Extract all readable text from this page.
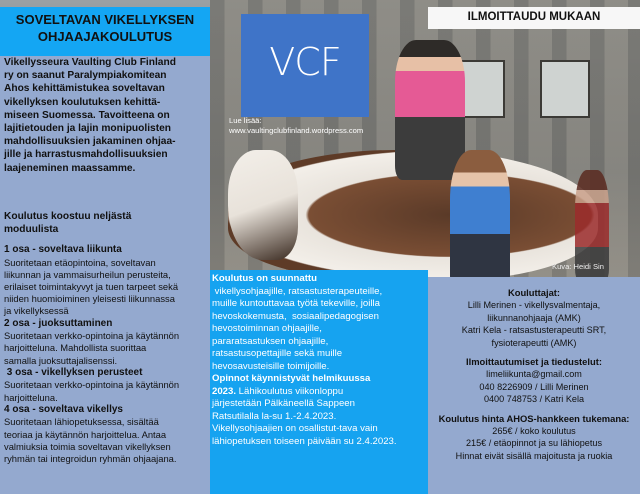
SOVELTAVAN VIKELLYKSEN
OHJAAJAKOULUTUS
Vikellysseura Vaulting Club Finland
ry on saanut Paralympiakomitean
Ahos kehittämistukea soveltavan
vikellyksen koulutuksen kehittä-
miseen Suomessa. Tavoitteena on
lajitietouden ja lajin monipuolisten
mahdollisuuksien jakaminen ohjaa-
jille ja harrastusmahdollisuuksien
laajeneminen maassamme.
Koulutus koostuu neljästä
moduulista
1 osa - soveltava liikunta
Suoritetaan etäopintoina, soveltavan
liikunnan ja vammaisurheilun perusteita,
erilaiset toimintakyvyt ja tuen tarpeet sekä
niiden huomioiminen yleisesti liikunnassa
ja vikellyksessä
2 osa - juoksuttaminen
Suoritetaan verkko-opintoina ja käytännön
harjoitteluna. Mahdollista suorittaa
samalla juoksuttajalisenssi.
3 osa - vikellyksen perusteet
Suoritetaan verkko-opintoina ja käytännön
harjoitteluna.
4 osa - soveltava vikellys
Suoritetaan lähiopetuksessa, sisältää
teoriaa ja käytännön harjoittelua. Antaa
valmiuksia toimia soveltavan vikellyksen
ryhmän tai integroidun ryhmän ohjaajana.
VCF
Lue lisää:
www.vaultingclubfinland.wordpress.com
Kuva: Heidi Sin
ILMOITTAUDU MUKAAN
Koulutus on suunnattu
vikellysohjaajille, ratsastusterapeuteille,
muille kuntouttavaa työtä tekeville, joilla
hevoskokemusta,  sosiaalipedagogisen
hevostoiminnan ohjaajille,
pararatsastuksen ohjaajille,
ratsastusopettajille sekä muille
hevosavusteisille toimijoille.
Opinnot käynnistyvät helmikuussa
2023. Lähikoulutus viikonloppu
järjestetään Pälkäneellä Sappeen
Ratsutilalla la-su 1.-2.4.2023.
Vikellysohjaajien on osallistut-tava vain
lähiopetuksen toiseen päivään su 2.4.2023.
Kouluttajat:
Lilli Merinen - vikellysvalmentaja,
liikunnanohjaaja (AMK)
Katri Kela - ratsastusterapeutti SRT,
fysioterapeutti (AMK)
Ilmoittautumiset ja tiedustelut:
limeliikunta@gmail.com
040 8226909 / Lilli Merinen
0400 748753 / Katri Kela
Koulutus hinta AHOS-hankkeen tukemana:
265€ / koko koulutus
215€ / etäopinnot ja su lähiopetus
Hinnat eivät sisällä majoitusta ja ruokia
